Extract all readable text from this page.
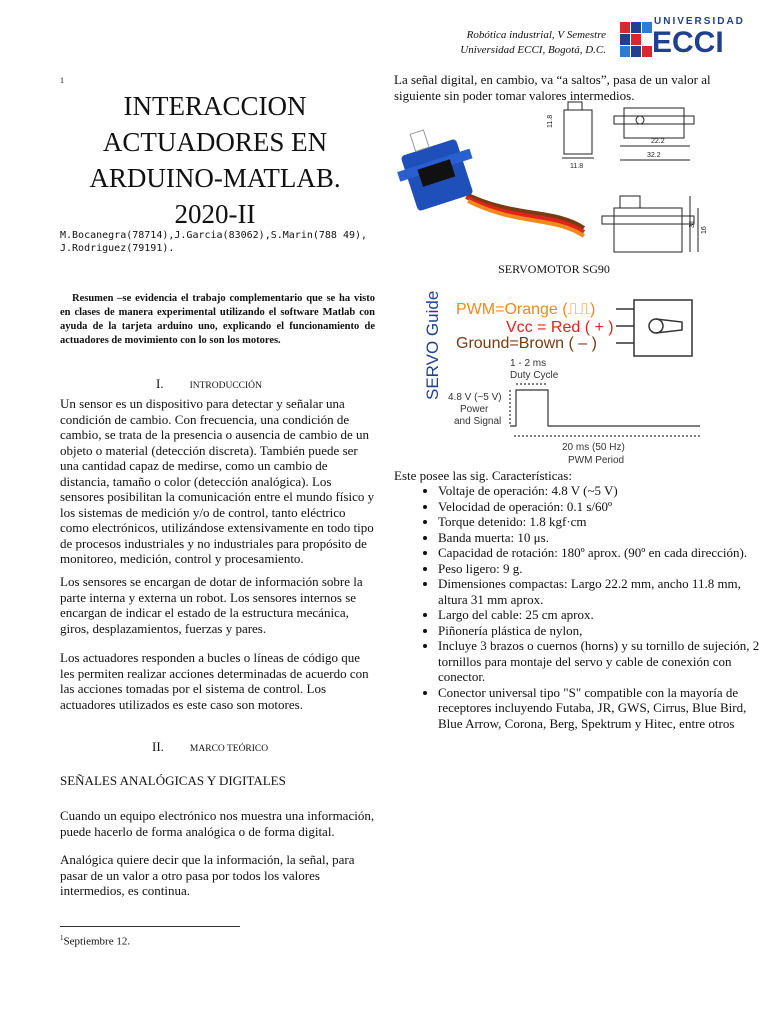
Robótica industrial, V Semestre
Universidad ECCI, Bogotá, D.C.
UNIVERSIDAD
ECCI
1
INTERACCION
ACTUADORES EN
ARDUINO-MATLAB.
2020-II
M.Bocanegra(78714),J.Garcia(83062),S.Marin(788 49), J.Rodriguez(79191).
Resumen –se evidencia el trabajo complementario que se ha visto en clases de manera experimental utilizando el software Matlab con ayuda de la tarjeta arduino uno, explicando el funcionamiento de actuadores de movimiento con lo son los motores.
I.	INTRODUCCIÓN
Un sensor es un dispositivo para detectar y señalar una condición de cambio. Con frecuencia, una condición de cambio, se trata de la presencia o ausencia de cambio de un objeto o material (detección discreta). También puede ser una cantidad capaz de medirse, como un cambio de distancia, tamaño o color (detección analógica). Los sensores posibilitan la comunicación entre el mundo físico y los sistemas de medición y/o de control, tanto eléctrico como electrónicos, utilizándose extensivamente en todo tipo de procesos industriales y no industriales para propósito de monitoreo, medición, control y procesamiento.
Los sensores se encargan de dotar de información sobre la parte interna y externa un robot. Los sensores internos se encargan de indicar el estado de la estructura mecánica, giros, desplazamientos, fuerzas y pares.
Los actuadores responden a bucles o líneas de código que les permiten realizar acciones determinadas de acuerdo con las acciones tomadas por el sistema de control. Los actuadores utilizados es este caso son motores.
II.	MARCO TEÓRICO
SEÑALES ANALÓGICAS Y DIGITALES
Cuando un equipo electrónico nos muestra una información, puede hacerlo de forma analógica o de forma digital.
Analógica quiere decir que la información, la señal, para pasar de un valor a otro pasa por todos los valores intermedios, es continua.
$^1$Septiembre 12.
La señal digital, en cambio, va “a saltos”, pasa de un valor al siguiente sin poder tomar valores intermedios.
11.8
22.2
32.2
11.8
16
31
SERVOMOTOR SG90
SERVO Guide PWM=Orange (⎍⎍)
Vcc = Red ( + )
Ground=Brown ( – )
1 - 2 ms
Duty Cycle
4.8 V (~5 V)
Power
and Signal
20 ms (50 Hz)
PWM Period
Este posee las sig. Características:
• Voltaje de operación: 4.8 V (~5 V)
• Velocidad de operación: 0.1 s/60º
• Torque detenido: 1.8 kgf·cm
• Banda muerta: 10 μs.
• Capacidad de rotación: 180º aprox. (90º en cada dirección).
• Peso ligero: 9 g.
• Dimensiones compactas: Largo 22.2 mm, ancho 11.8 mm, altura 31 mm aprox.
• Largo del cable: 25 cm aprox.
• Piñonería plástica de nylon,
• Incluye 3 brazos o cuernos (horns) y su tornillo de sujeción, 2 tornillos para montaje del servo y cable de conexión con conector.
• Conector universal tipo "S" compatible con la mayoría de receptores incluyendo Futaba, JR, GWS, Cirrus, Blue Bird, Blue Arrow, Corona, Berg, Spektrum y Hitec, entre otros
